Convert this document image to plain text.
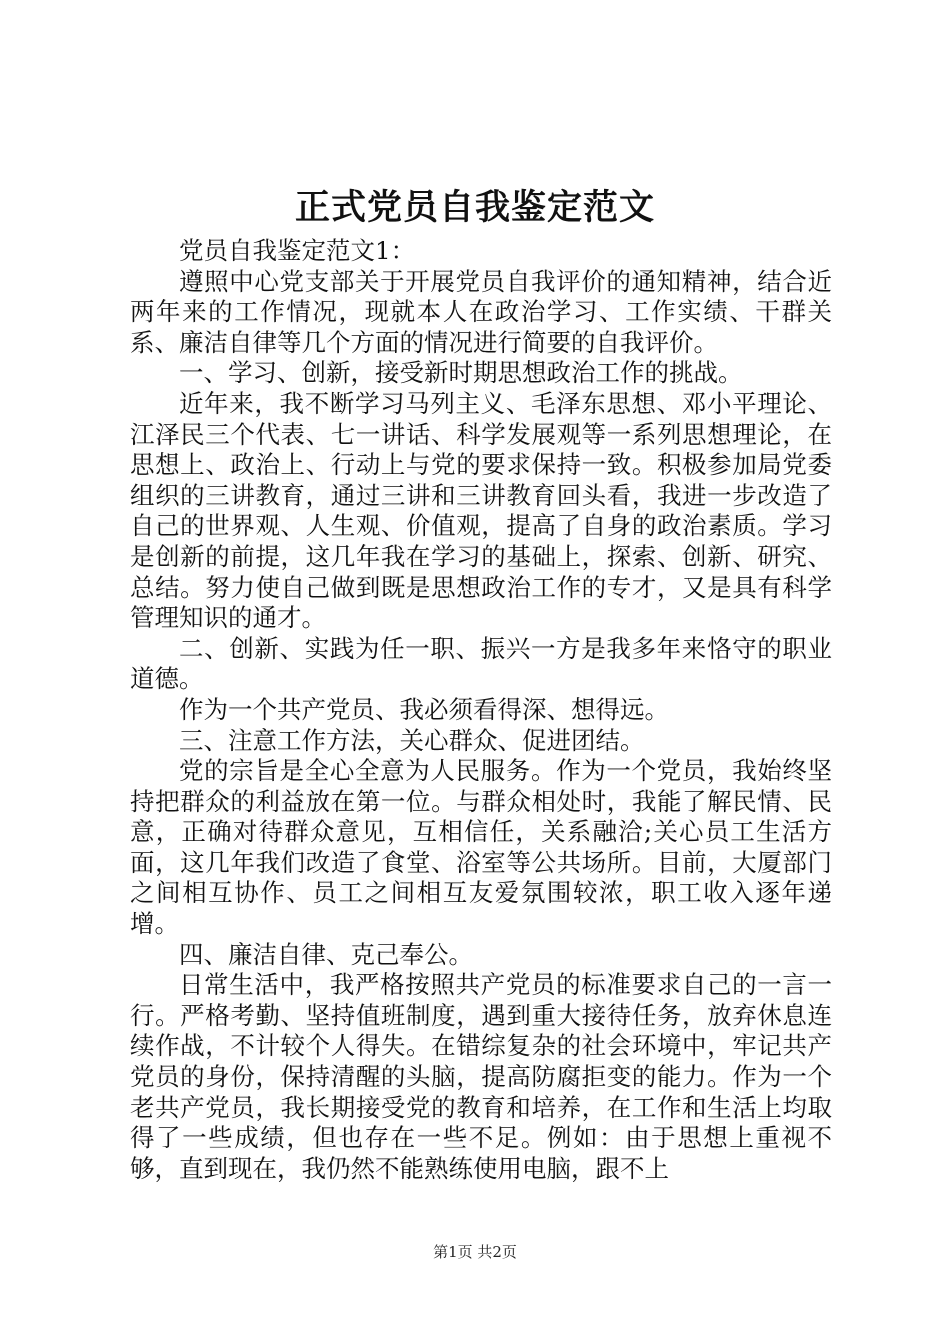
正式党员自我鉴定范文

党员自我鉴定范文1：

遵照中心党支部关于开展党员自我评价的通知精神，结合近两年来的工作情况，现就本人在政治学习、工作实绩、干群关系、廉洁自律等几个方面的情况进行简要的自我评价。

一、学习、创新，接受新时期思想政治工作的挑战。

近年来，我不断学习马列主义、毛泽东思想、邓小平理论、江泽民三个代表、七一讲话、科学发展观等一系列思想理论，在思想上、政治上、行动上与党的要求保持一致。积极参加局党委组织的三讲教育，通过三讲和三讲教育回头看，我进一步改造了自己的世界观、人生观、价值观，提高了自身的政治素质。学习是创新的前提，这几年我在学习的基础上，探索、创新、研究、总结。努力使自己做到既是思想政治工作的专才，又是具有科学管理知识的通才。

二、创新、实践为任一职、振兴一方是我多年来恪守的职业道德。

作为一个共产党员、我必须看得深、想得远。

三、注意工作方法，关心群众、促进团结。

党的宗旨是全心全意为人民服务。作为一个党员，我始终坚持把群众的利益放在第一位。与群众相处时，我能了解民情、民意，正确对待群众意见，互相信任，关系融洽;关心员工生活方面，这几年我们改造了食堂、浴室等公共场所。目前，大厦部门之间相互协作、员工之间相互友爱氛围较浓，职工收入逐年递增。

四、廉洁自律、克己奉公。

日常生活中，我严格按照共产党员的标准要求自己的一言一行。严格考勤、坚持值班制度，遇到重大接待任务，放弃休息连续作战，不计较个人得失。在错综复杂的社会环境中，牢记共产党员的身份，保持清醒的头脑，提高防腐拒变的能力。作为一个老共产党员，我长期接受党的教育和培养，在工作和生活上均取得了一些成绩，但也存在一些不足。例如：由于思想上重视不够，直到现在，我仍然不能熟练使用电脑，跟不上

第1页 共2页
